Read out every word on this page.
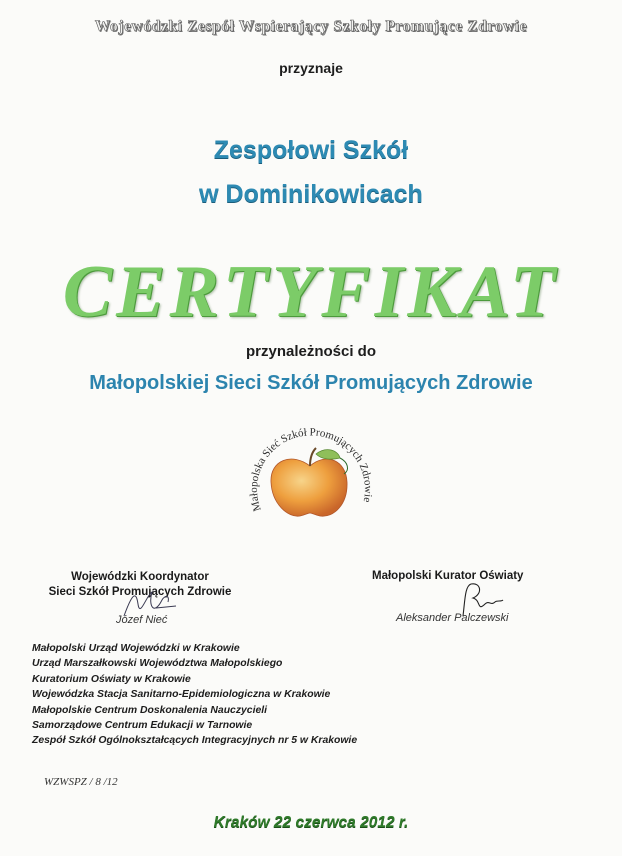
Wojewódzki Zespół Wspierający Szkoły Promujące Zdrowie
przyznaje
Zespołowi Szkół
w Dominikowicach
CERTYFIKAT
przynależności do
Małopolskiej Sieci Szkół Promujących Zdrowie
Małopolska Sieć Szkół Promujących Zdrowie
Wojewódzki Koordynator
Sieci Szkół Promujących Zdrowie
Józef Nieć
Małopolski Kurator Oświaty
Aleksander Palczewski
Małopolski Urząd Wojewódzki w Krakowie
Urząd Marszałkowski Województwa Małopolskiego
Kuratorium Oświaty w Krakowie
Wojewódzka Stacja Sanitarno-Epidemiologiczna w Krakowie
Małopolskie Centrum Doskonalenia Nauczycieli
Samorządowe Centrum Edukacji w Tarnowie
Zespół Szkół Ogólnokształcących Integracyjnych nr 5 w Krakowie
WZWSPZ / 8 /12
Kraków 22 czerwca 2012 r.
